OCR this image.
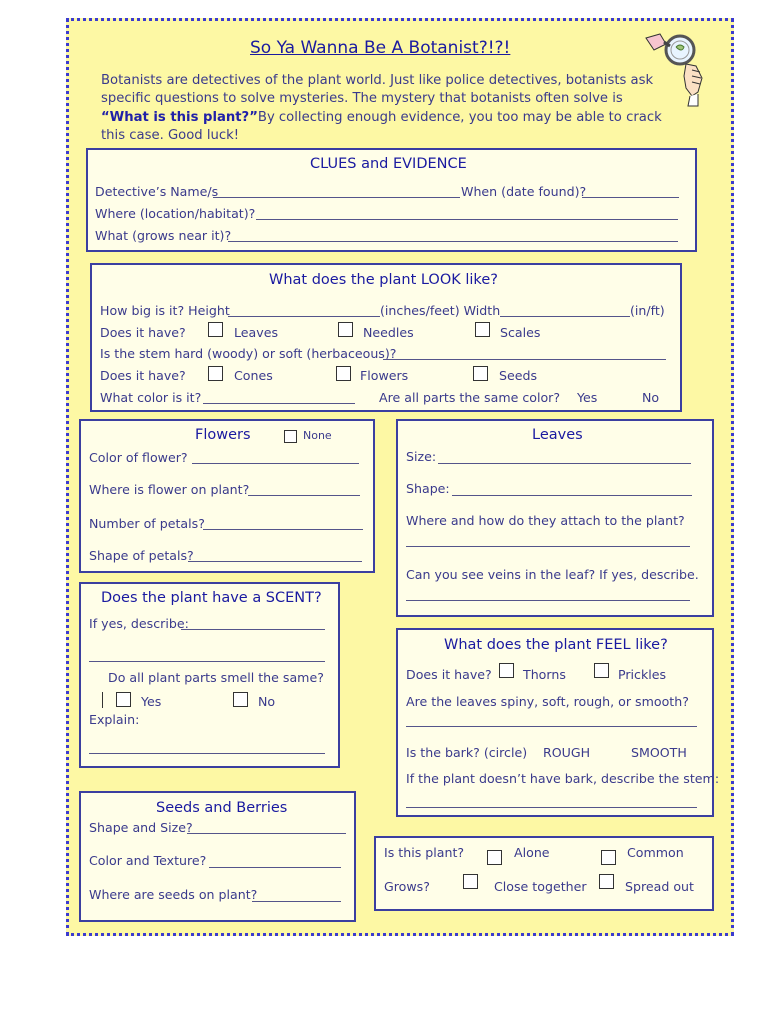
So Ya Wanna Be A Botanist?!?!
Botanists are detectives of the plant world. Just like police detectives, botanists ask specific questions to solve mysteries. The mystery that botanists often solve is “What is this plant?”By collecting enough evidence, you too may be able to crack this case. Good luck!
CLUES and EVIDENCE
Detective’s Name/s	When (date found)?
Where (location/habitat)?
What (grows near it)?
What does the plant LOOK like?
How big is it? Height	(inches/feet) Width	(in/ft)
Does it have?	Leaves	Needles	Scales
Is the stem hard (woody) or soft (herbaceous)?
Does it have?	Cones	Flowers	Seeds
What color is it?	Are all parts the same color? Yes	No
Flowers	None
Color of flower?
Where is flower on plant?
Number of petals?
Shape of petals?
Leaves
Size:
Shape:
Where and how do they attach to the plant?
Can you see veins in the leaf? If yes, describe.
Does the plant have a SCENT?
If yes, describe:
Do all plant parts smell the same?
Yes	No
Explain:
What does the plant FEEL like?
Does it have? Thorns	Prickles
Are the leaves spiny, soft, rough, or smooth?
Is the bark? (circle) ROUGH	SMOOTH
If the plant doesn’t have bark, describe the stem:
Seeds and Berries
Shape and Size?
Color and Texture?
Where are seeds on plant?
Is this plant?	Alone	Common
Grows?	Close together	Spread out
